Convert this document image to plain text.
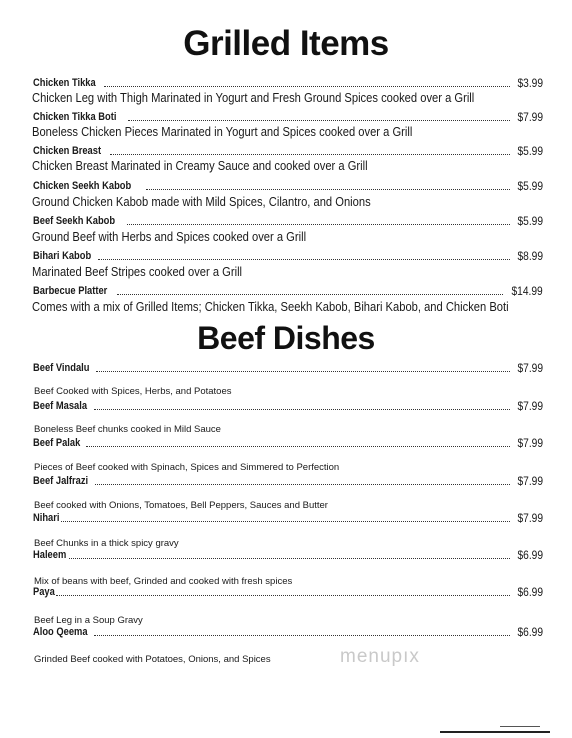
Grilled Items
Chicken Tikka	$3.99
Chicken Leg with Thigh Marinated in Yogurt and Fresh Ground Spices cooked over a Grill
Chicken Tikka Boti	$7.99
Boneless Chicken Pieces Marinated in Yogurt and Spices cooked over a Grill
Chicken Breast	$5.99
Chicken Breast Marinated in Creamy Sauce and cooked over a Grill
Chicken Seekh Kabob	$5.99
Ground Chicken Kabob made with Mild Spices, Cilantro, and Onions
Beef Seekh Kabob	$5.99
Ground Beef with Herbs and Spices cooked over a Grill
Bihari Kabob	$8.99
Marinated Beef Stripes cooked over a Grill
Barbecue Platter	$14.99
Comes with a mix of Grilled Items; Chicken Tikka, Seekh Kabob, Bihari Kabob, and Chicken Boti
Beef Dishes
Beef Vindalu	$7.99
Beef Cooked with Spices, Herbs, and Potatoes
Beef Masala	$7.99
Boneless Beef chunks cooked in Mild Sauce
Beef Palak	$7.99
Pieces of Beef cooked with Spinach, Spices and Simmered to Perfection
Beef Jalfrazi	$7.99
Beef cooked with Onions, Tomatoes, Bell Peppers, Sauces and Butter
Nihari	$7.99
Beef Chunks in a thick spicy gravy
Haleem	$6.99
Mix of beans with beef, Grinded and cooked with fresh spices
Paya	$6.99
Beef Leg in a Soup Gravy
Aloo Qeema	$6.99
Grinded Beef cooked with Potatoes, Onions, and Spices	menupıx
